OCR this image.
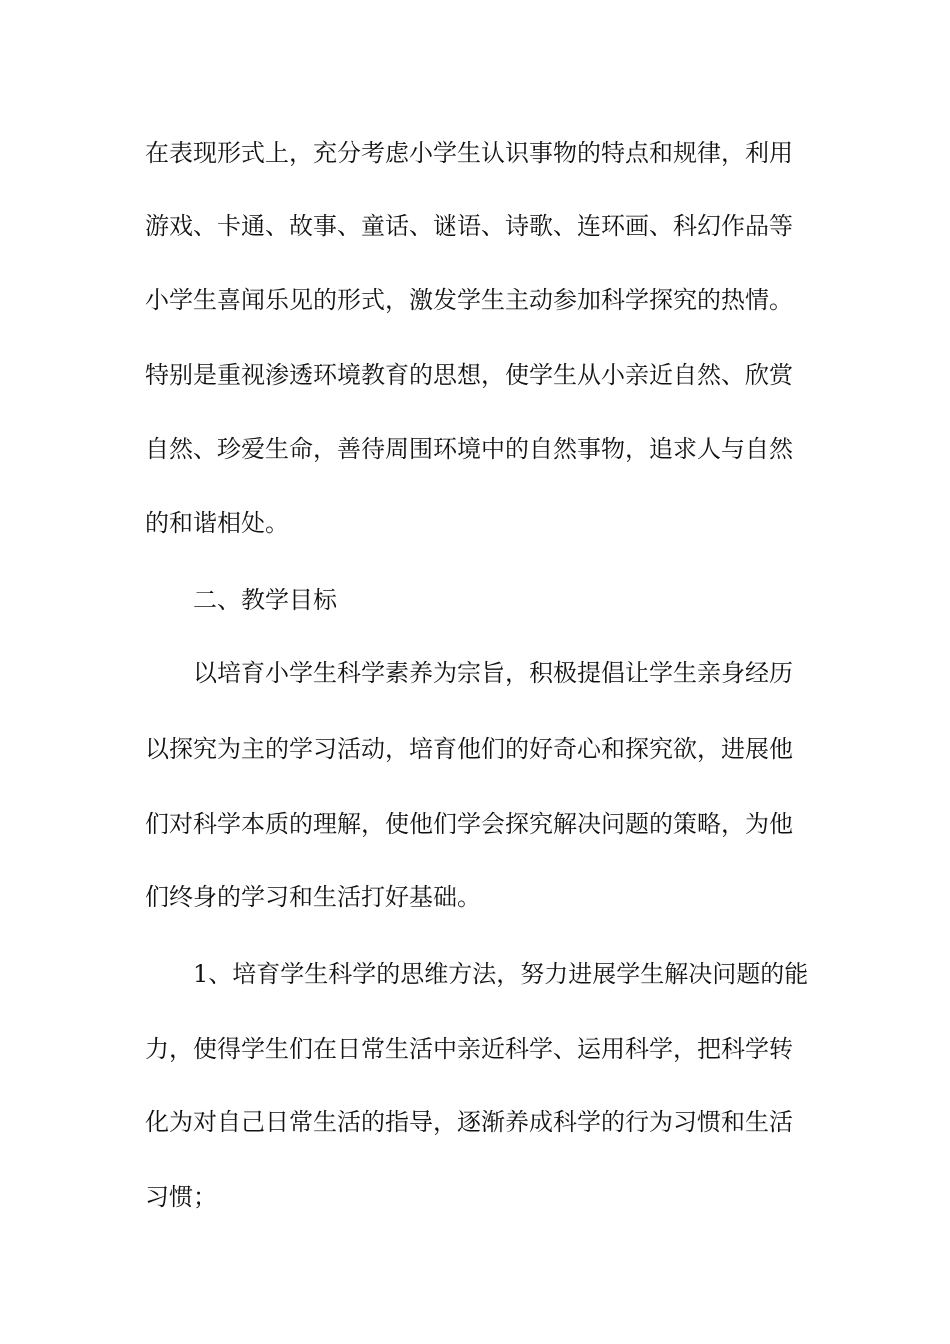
在表现形式上，充分考虑小学生认识事物的特点和规律，利用
游戏、卡通、故事、童话、谜语、诗歌、连环画、科幻作品等
小学生喜闻乐见的形式，激发学生主动参加科学探究的热情。
特别是重视渗透环境教育的思想，使学生从小亲近自然、欣赏
自然、珍爱生命，善待周围环境中的自然事物，追求人与自然
的和谐相处。
二、教学目标
以培育小学生科学素养为宗旨，积极提倡让学生亲身经历
以探究为主的学习活动，培育他们的好奇心和探究欲，进展他
们对科学本质的理解，使他们学会探究解决问题的策略，为他
们终身的学习和生活打好基础。
1、培育学生科学的思维方法，努力进展学生解决问题的能
力，使得学生们在日常生活中亲近科学、运用科学，把科学转
化为对自己日常生活的指导，逐渐养成科学的行为习惯和生活
习惯；
